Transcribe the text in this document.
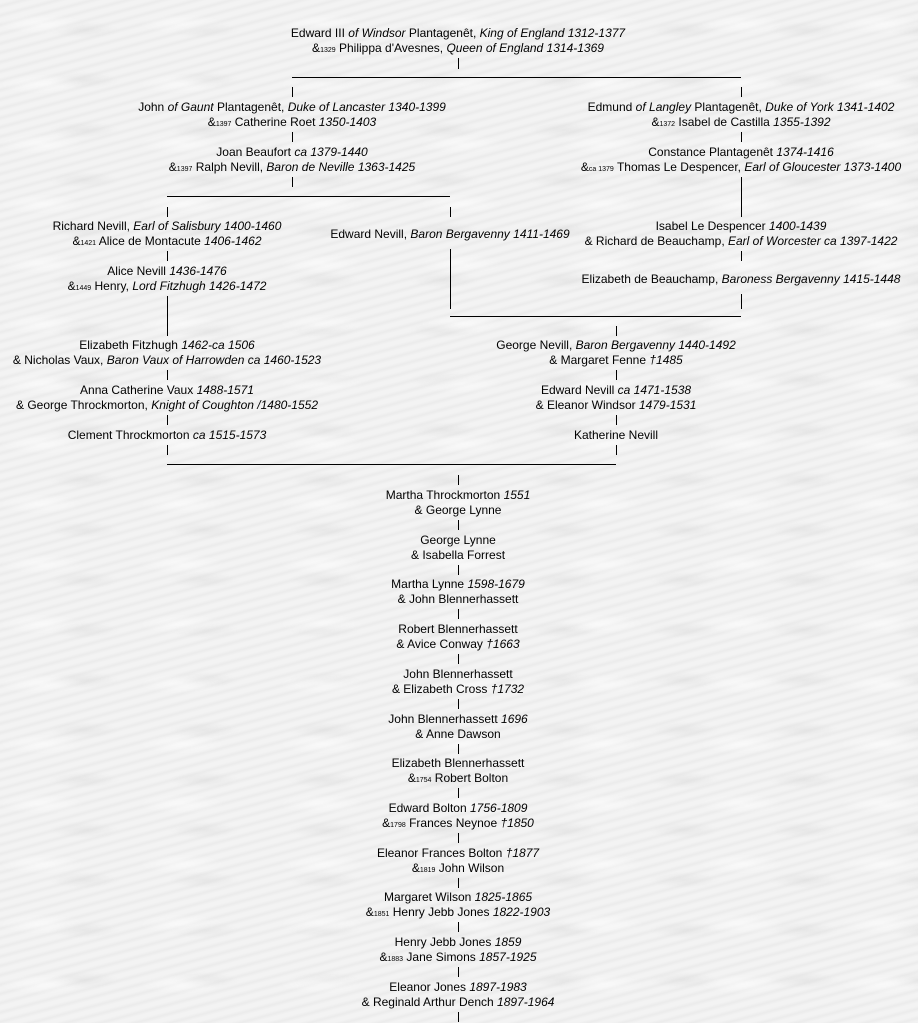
Edward III of Windsor Plantagenêt, King of England 1312-1377
&1329 Philippa d'Avesnes, Queen of England 1314-1369
John of Gaunt Plantagenêt, Duke of Lancaster 1340-1399
&1397 Catherine Roet 1350-1403
Joan Beaufort ca 1379-1440
&1397 Ralph Nevill, Baron de Neville 1363-1425
Richard Nevill, Earl of Salisbury 1400-1460
&1421 Alice de Montacute 1406-1462
Alice Nevill 1436-1476
&1449 Henry, Lord Fitzhugh 1426-1472
Elizabeth Fitzhugh 1462-ca 1506
& Nicholas Vaux, Baron Vaux of Harrowden ca 1460-1523
Anna Catherine Vaux 1488-1571
& George Throckmorton, Knight of Coughton /1480-1552
Clement Throckmorton ca 1515-1573
Edward Nevill, Baron Bergavenny 1411-1469
Edmund of Langley Plantagenêt, Duke of York 1341-1402
&1372 Isabel de Castilla 1355-1392
Constance Plantagenêt 1374-1416
&ca 1379 Thomas Le Despencer, Earl of Gloucester 1373-1400
Isabel Le Despencer 1400-1439
& Richard de Beauchamp, Earl of Worcester ca 1397-1422
Elizabeth de Beauchamp, Baroness Bergavenny 1415-1448
George Nevill, Baron Bergavenny 1440-1492
& Margaret Fenne †1485
Edward Nevill ca 1471-1538
& Eleanor Windsor 1479-1531
Katherine Nevill
Martha Throckmorton 1551
& George Lynne
George Lynne
& Isabella Forrest
Martha Lynne 1598-1679
& John Blennerhassett
Robert Blennerhassett
& Avice Conway †1663
John Blennerhassett
& Elizabeth Cross †1732
John Blennerhassett 1696
& Anne Dawson
Elizabeth Blennerhassett
&1754 Robert Bolton
Edward Bolton 1756-1809
&1798 Frances Neynoe †1850
Eleanor Frances Bolton †1877
&1819 John Wilson
Margaret Wilson 1825-1865
&1851 Henry Jebb Jones 1822-1903
Henry Jebb Jones 1859
&1883 Jane Simons 1857-1925
Eleanor Jones 1897-1983
& Reginald Arthur Dench 1897-1964
